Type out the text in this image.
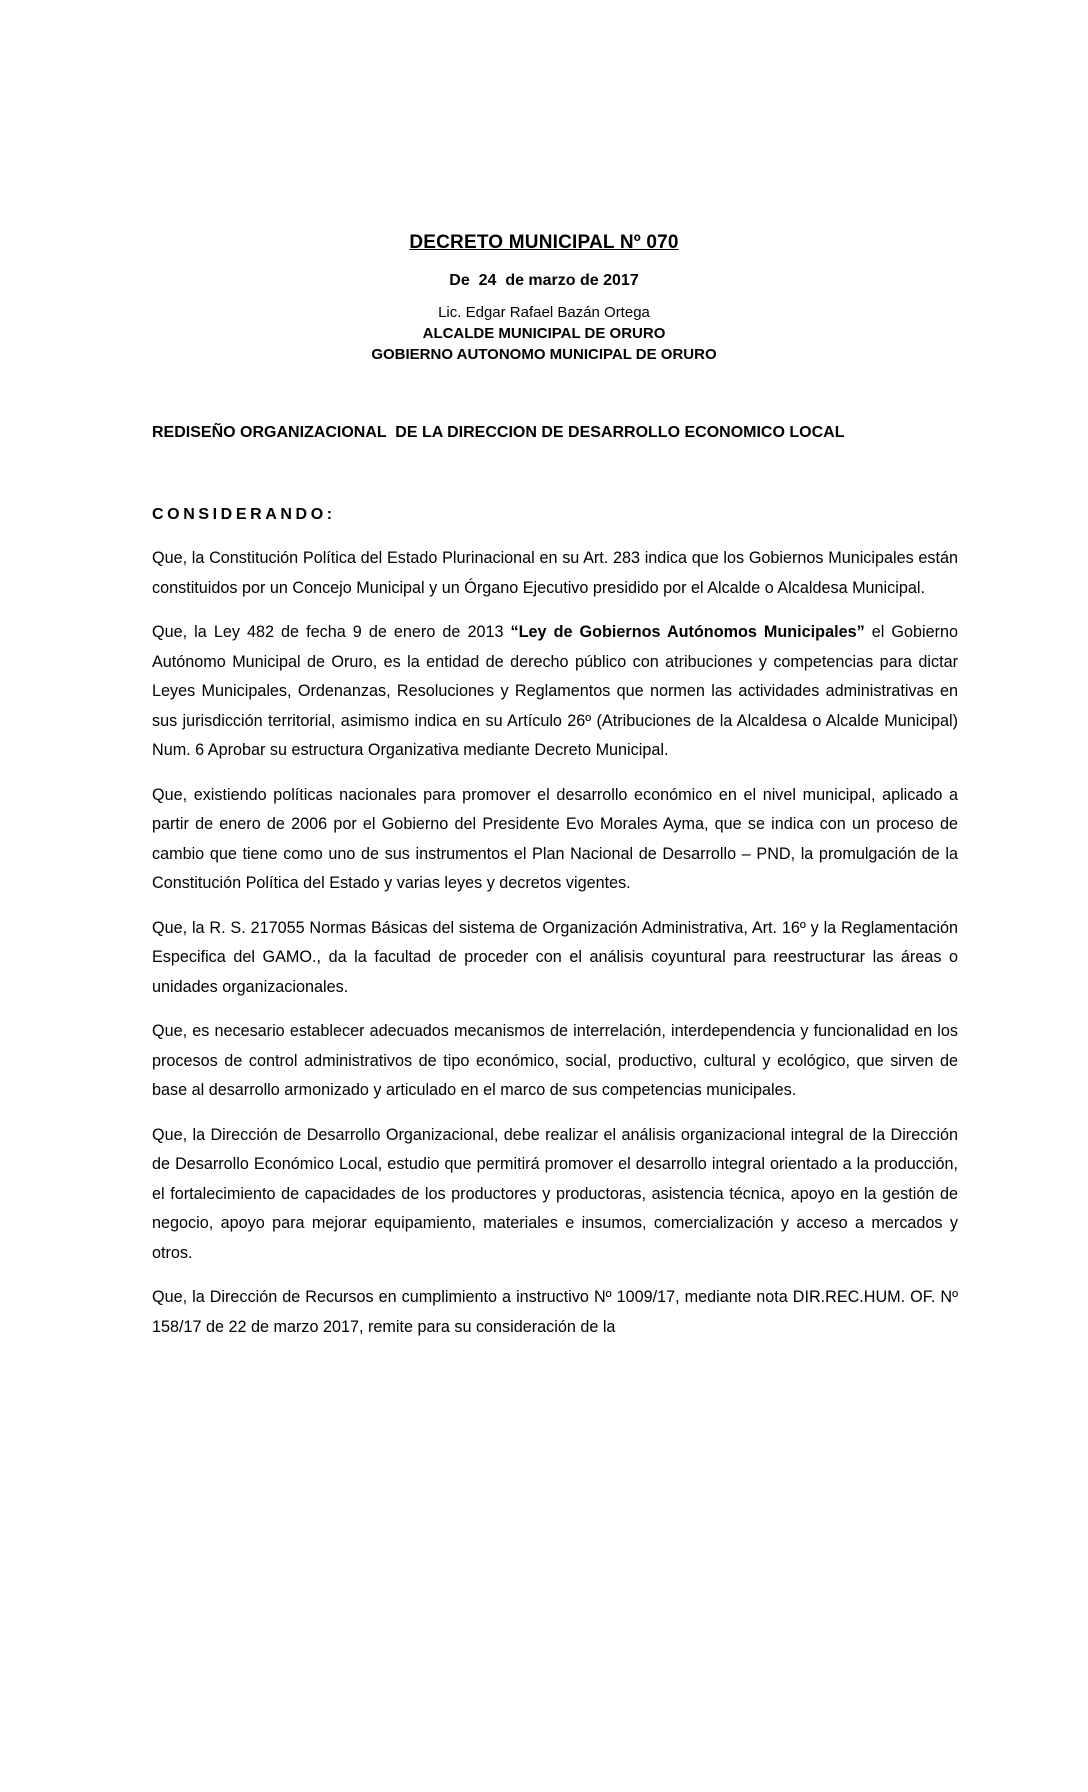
DECRETO MUNICIPAL Nº 070
De  24  de marzo de 2017
Lic. Edgar Rafael Bazán Ortega
ALCALDE MUNICIPAL DE ORURO
GOBIERNO AUTONOMO MUNICIPAL DE ORURO
REDISEÑO ORGANIZACIONAL  DE LA DIRECCION DE DESARROLLO ECONOMICO LOCAL
CONSIDERANDO:

Que, la Constitución Política del Estado Plurinacional en su Art. 283 indica que los Gobiernos Municipales están constituidos por un Concejo Municipal y un Órgano Ejecutivo presidido por el Alcalde o Alcaldesa Municipal.

Que, la Ley 482 de fecha 9 de enero de 2013 “Ley de Gobiernos Autónomos Municipales” el Gobierno Autónomo Municipal de Oruro, es la entidad de derecho público con atribuciones y competencias para dictar Leyes Municipales, Ordenanzas, Resoluciones y Reglamentos que normen las actividades administrativas en sus jurisdicción territorial, asimismo indica en su Artículo 26º (Atribuciones de la Alcaldesa o Alcalde Municipal) Num. 6 Aprobar su estructura Organizativa mediante Decreto Municipal.

Que, existiendo políticas nacionales para promover el desarrollo económico en el nivel municipal, aplicado a partir de enero de 2006 por el Gobierno del Presidente Evo Morales Ayma, que se indica con un proceso de cambio que tiene como uno de sus instrumentos el Plan Nacional de Desarrollo – PND, la promulgación de la Constitución Política del Estado y varias leyes y decretos vigentes.

Que, la R. S. 217055 Normas Básicas del sistema de Organización Administrativa, Art. 16º y la Reglamentación Especifica del GAMO., da la facultad de proceder con el análisis coyuntural para reestructurar las áreas o unidades organizacionales.

Que, es necesario establecer adecuados mecanismos de interrelación, interdependencia y funcionalidad en los procesos de control administrativos de tipo económico, social, productivo, cultural y ecológico, que sirven de base al desarrollo armonizado y articulado en el marco de sus competencias municipales.

Que, la Dirección de Desarrollo Organizacional, debe realizar el análisis organizacional integral de la Dirección de Desarrollo Económico Local, estudio que permitirá promover el desarrollo integral orientado a la producción, el fortalecimiento de capacidades de los productores y productoras, asistencia técnica, apoyo en la gestión de negocio, apoyo para mejorar equipamiento, materiales e insumos, comercialización y acceso a mercados y otros.

Que, la Dirección de Recursos en cumplimiento a instructivo Nº 1009/17, mediante nota DIR.REC.HUM. OF. Nº 158/17 de 22 de marzo 2017, remite para su consideración de la
